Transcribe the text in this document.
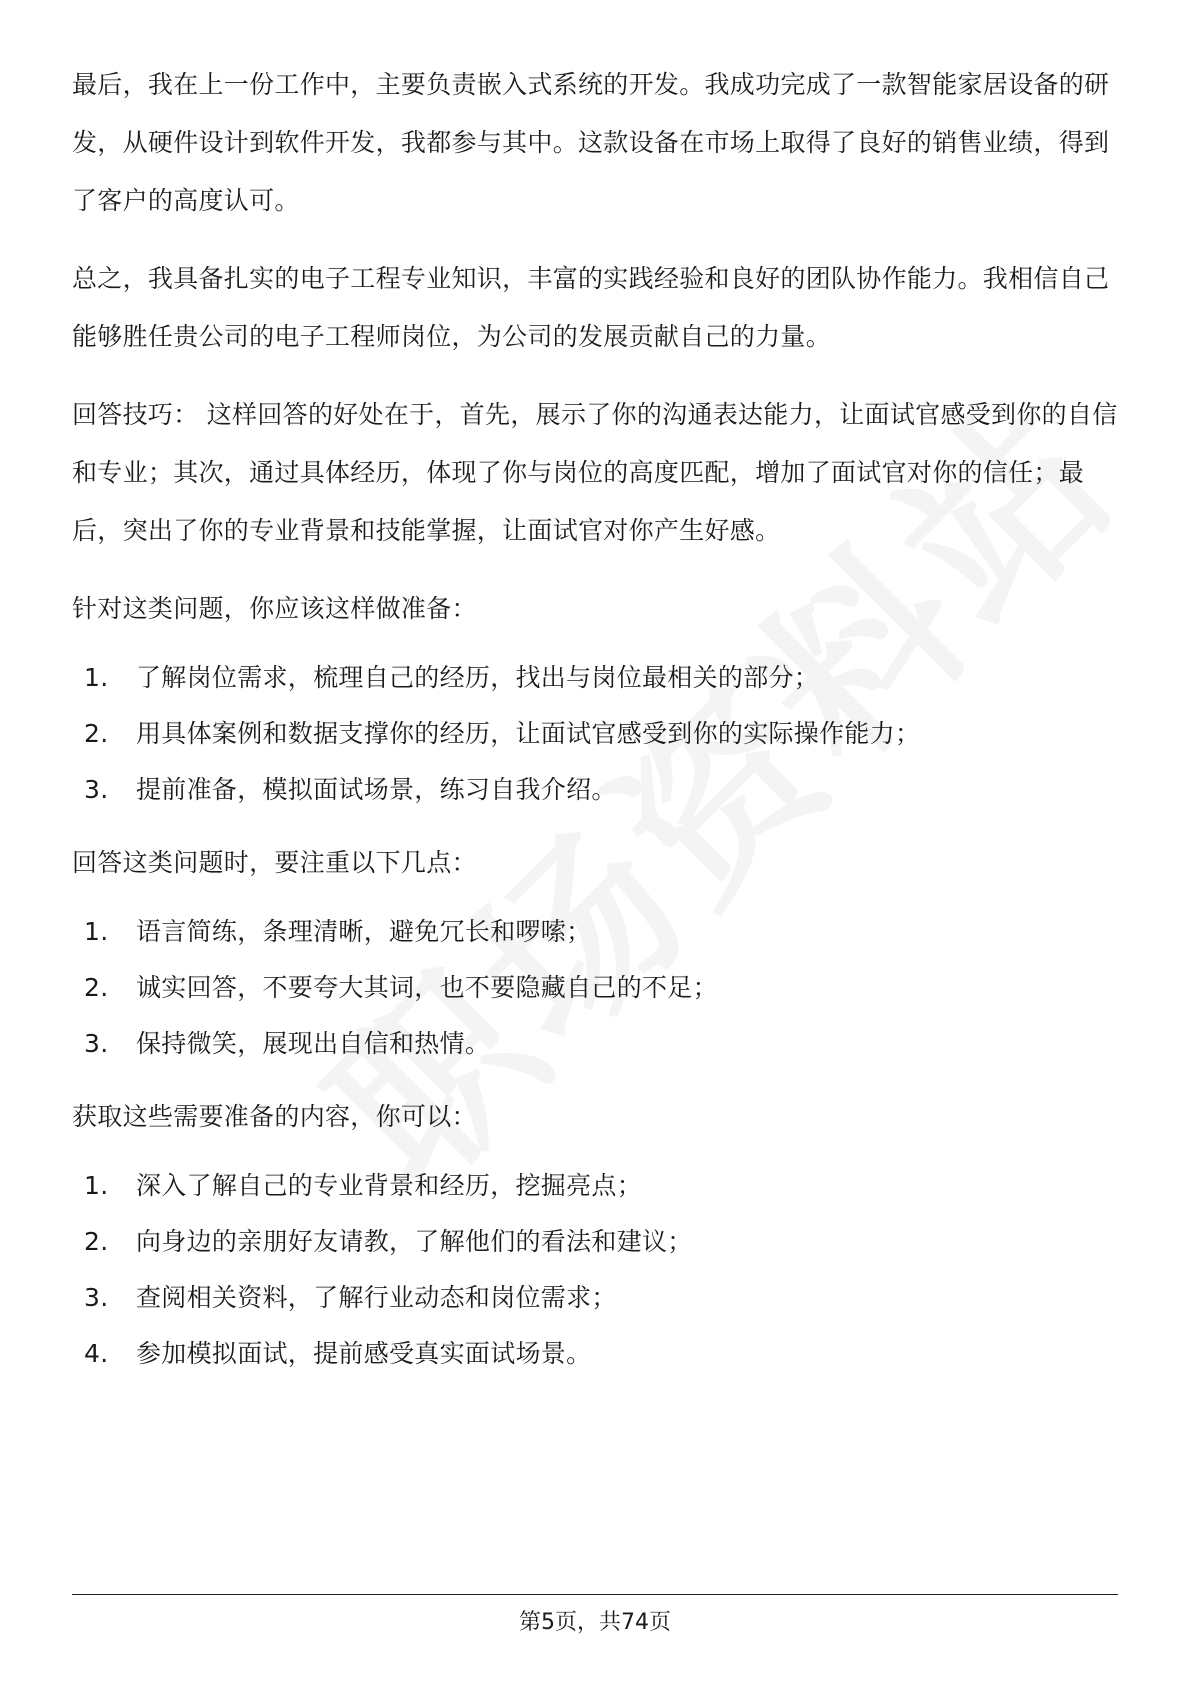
最后，我在上一份工作中，主要负责嵌入式系统的开发。我成功完成了一款智能家居设备的研发，从硬件设计到软件开发，我都参与其中。这款设备在市场上取得了良好的销售业绩，得到了客户的高度认可。

总之，我具备扎实的电子工程专业知识，丰富的实践经验和良好的团队协作能力。我相信自己能够胜任贵公司的电子工程师岗位，为公司的发展贡献自己的力量。

回答技巧： 这样回答的好处在于，首先，展示了你的沟通表达能力，让面试官感受到你的自信和专业；其次，通过具体经历，体现了你与岗位的高度匹配，增加了面试官对你的信任；最后，突出了你的专业背景和技能掌握，让面试官对你产生好感。

针对这类问题，你应该这样做准备：

1.	了解岗位需求，梳理自己的经历，找出与岗位最相关的部分；
2.	用具体案例和数据支撑你的经历，让面试官感受到你的实际操作能力；
3.	提前准备，模拟面试场景，练习自我介绍。

回答这类问题时，要注重以下几点：

1.	语言简练，条理清晰，避免冗长和啰嗦；
2.	诚实回答，不要夸大其词，也不要隐藏自己的不足；
3.	保持微笑，展现出自信和热情。

获取这些需要准备的内容，你可以：

1.	深入了解自己的专业背景和经历，挖掘亮点；
2.	向身边的亲朋好友请教，了解他们的看法和建议；
3.	查阅相关资料，了解行业动态和岗位需求；
4.	参加模拟面试，提前感受真实面试场景。
第5页，共74页
